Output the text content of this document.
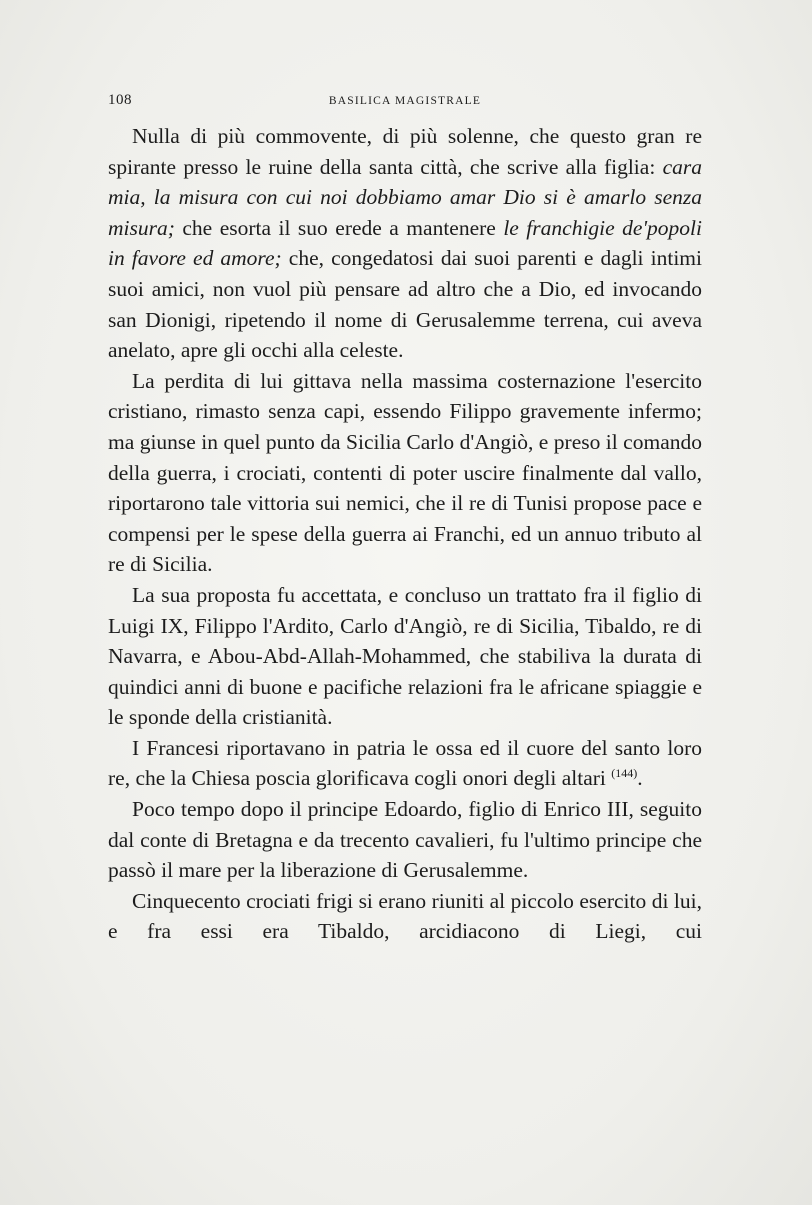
108	BASILICA MAGISTRALE

Nulla di più commovente, di più solenne, che questo gran re spirante presso le ruine della santa città, che scrive alla figlia: cara mia, la misura con cui noi dobbiamo amar Dio si è amarlo senza misura; che esorta il suo erede a mantenere le franchigie de'popoli in favore ed amore; che, congedatosi dai suoi parenti e dagli intimi suoi amici, non vuol più pensare ad altro che a Dio, ed invocando san Dionigi, ripetendo il nome di Gerusalemme terrena, cui aveva anelato, apre gli occhi alla celeste.

La perdita di lui gittava nella massima costernazione l'esercito cristiano, rimasto senza capi, essendo Filippo gravemente infermo; ma giunse in quel punto da Sicilia Carlo d'Angiò, e preso il comando della guerra, i crociati, contenti di poter uscire finalmente dal vallo, riportarono tale vittoria sui nemici, che il re di Tunisi propose pace e compensi per le spese della guerra ai Franchi, ed un annuo tributo al re di Sicilia.

La sua proposta fu accettata, e concluso un trattato fra il figlio di Luigi IX, Filippo l'Ardito, Carlo d'Angiò, re di Sicilia, Tibaldo, re di Navarra, e Abou-Abd-Allah-Mohammed, che stabiliva la durata di quindici anni di buone e pacifiche relazioni fra le africane spiaggie e le sponde della cristianità.

I Francesi riportavano in patria le ossa ed il cuore del santo loro re, che la Chiesa poscia glorificava cogli onori degli altari $^{(144)}$.

Poco tempo dopo il principe Edoardo, figlio di Enrico III, seguito dal conte di Bretagna e da trecento cavalieri, fu l'ultimo principe che passò il mare per la liberazione di Gerusalemme.

Cinquecento crociati frigi si erano riuniti al piccolo esercito di lui, e fra essi era Tibaldo, arcidiacono di Liegi, cui
